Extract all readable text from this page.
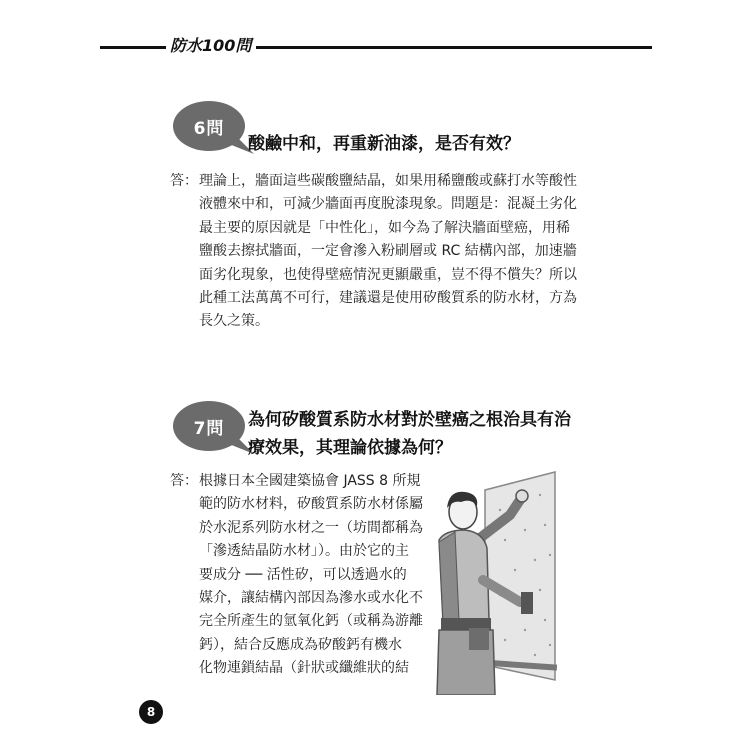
防水100問
6問
酸鹼中和，再重新油漆，是否有效？
答： 理論上，牆面這些碳酸鹽結晶，如果用稀鹽酸或蘇打水等酸性
液體來中和，可減少牆面再度脫漆現象。問題是：混凝土劣化
最主要的原因就是「中性化」，如今為了解決牆面壁癌，用稀
鹽酸去擦拭牆面，一定會滲入粉刷層或 RC 結構內部，加速牆
面劣化現象，也使得壁癌情況更顯嚴重，豈不得不償失？所以
此種工法萬萬不可行，建議還是使用矽酸質系的防水材，方為
長久之策。
7問	為何矽酸質系防水材對於壁癌之根治具有治
療效果，其理論依據為何？
答： 根據日本全國建築協會 JASS 8 所規
範的防水材料，矽酸質系防水材係屬
於水泥系列防水材之一（坊間都稱為
「滲透結晶防水材」）。由於它的主
要成分 ── 活性矽，可以透過水的
媒介，讓結構內部因為滲水或水化不
完全所產生的氫氧化鈣（或稱為游離
鈣），結合反應成為矽酸鈣有機水
化物連鎖結晶（針狀或纖維狀的結
8
